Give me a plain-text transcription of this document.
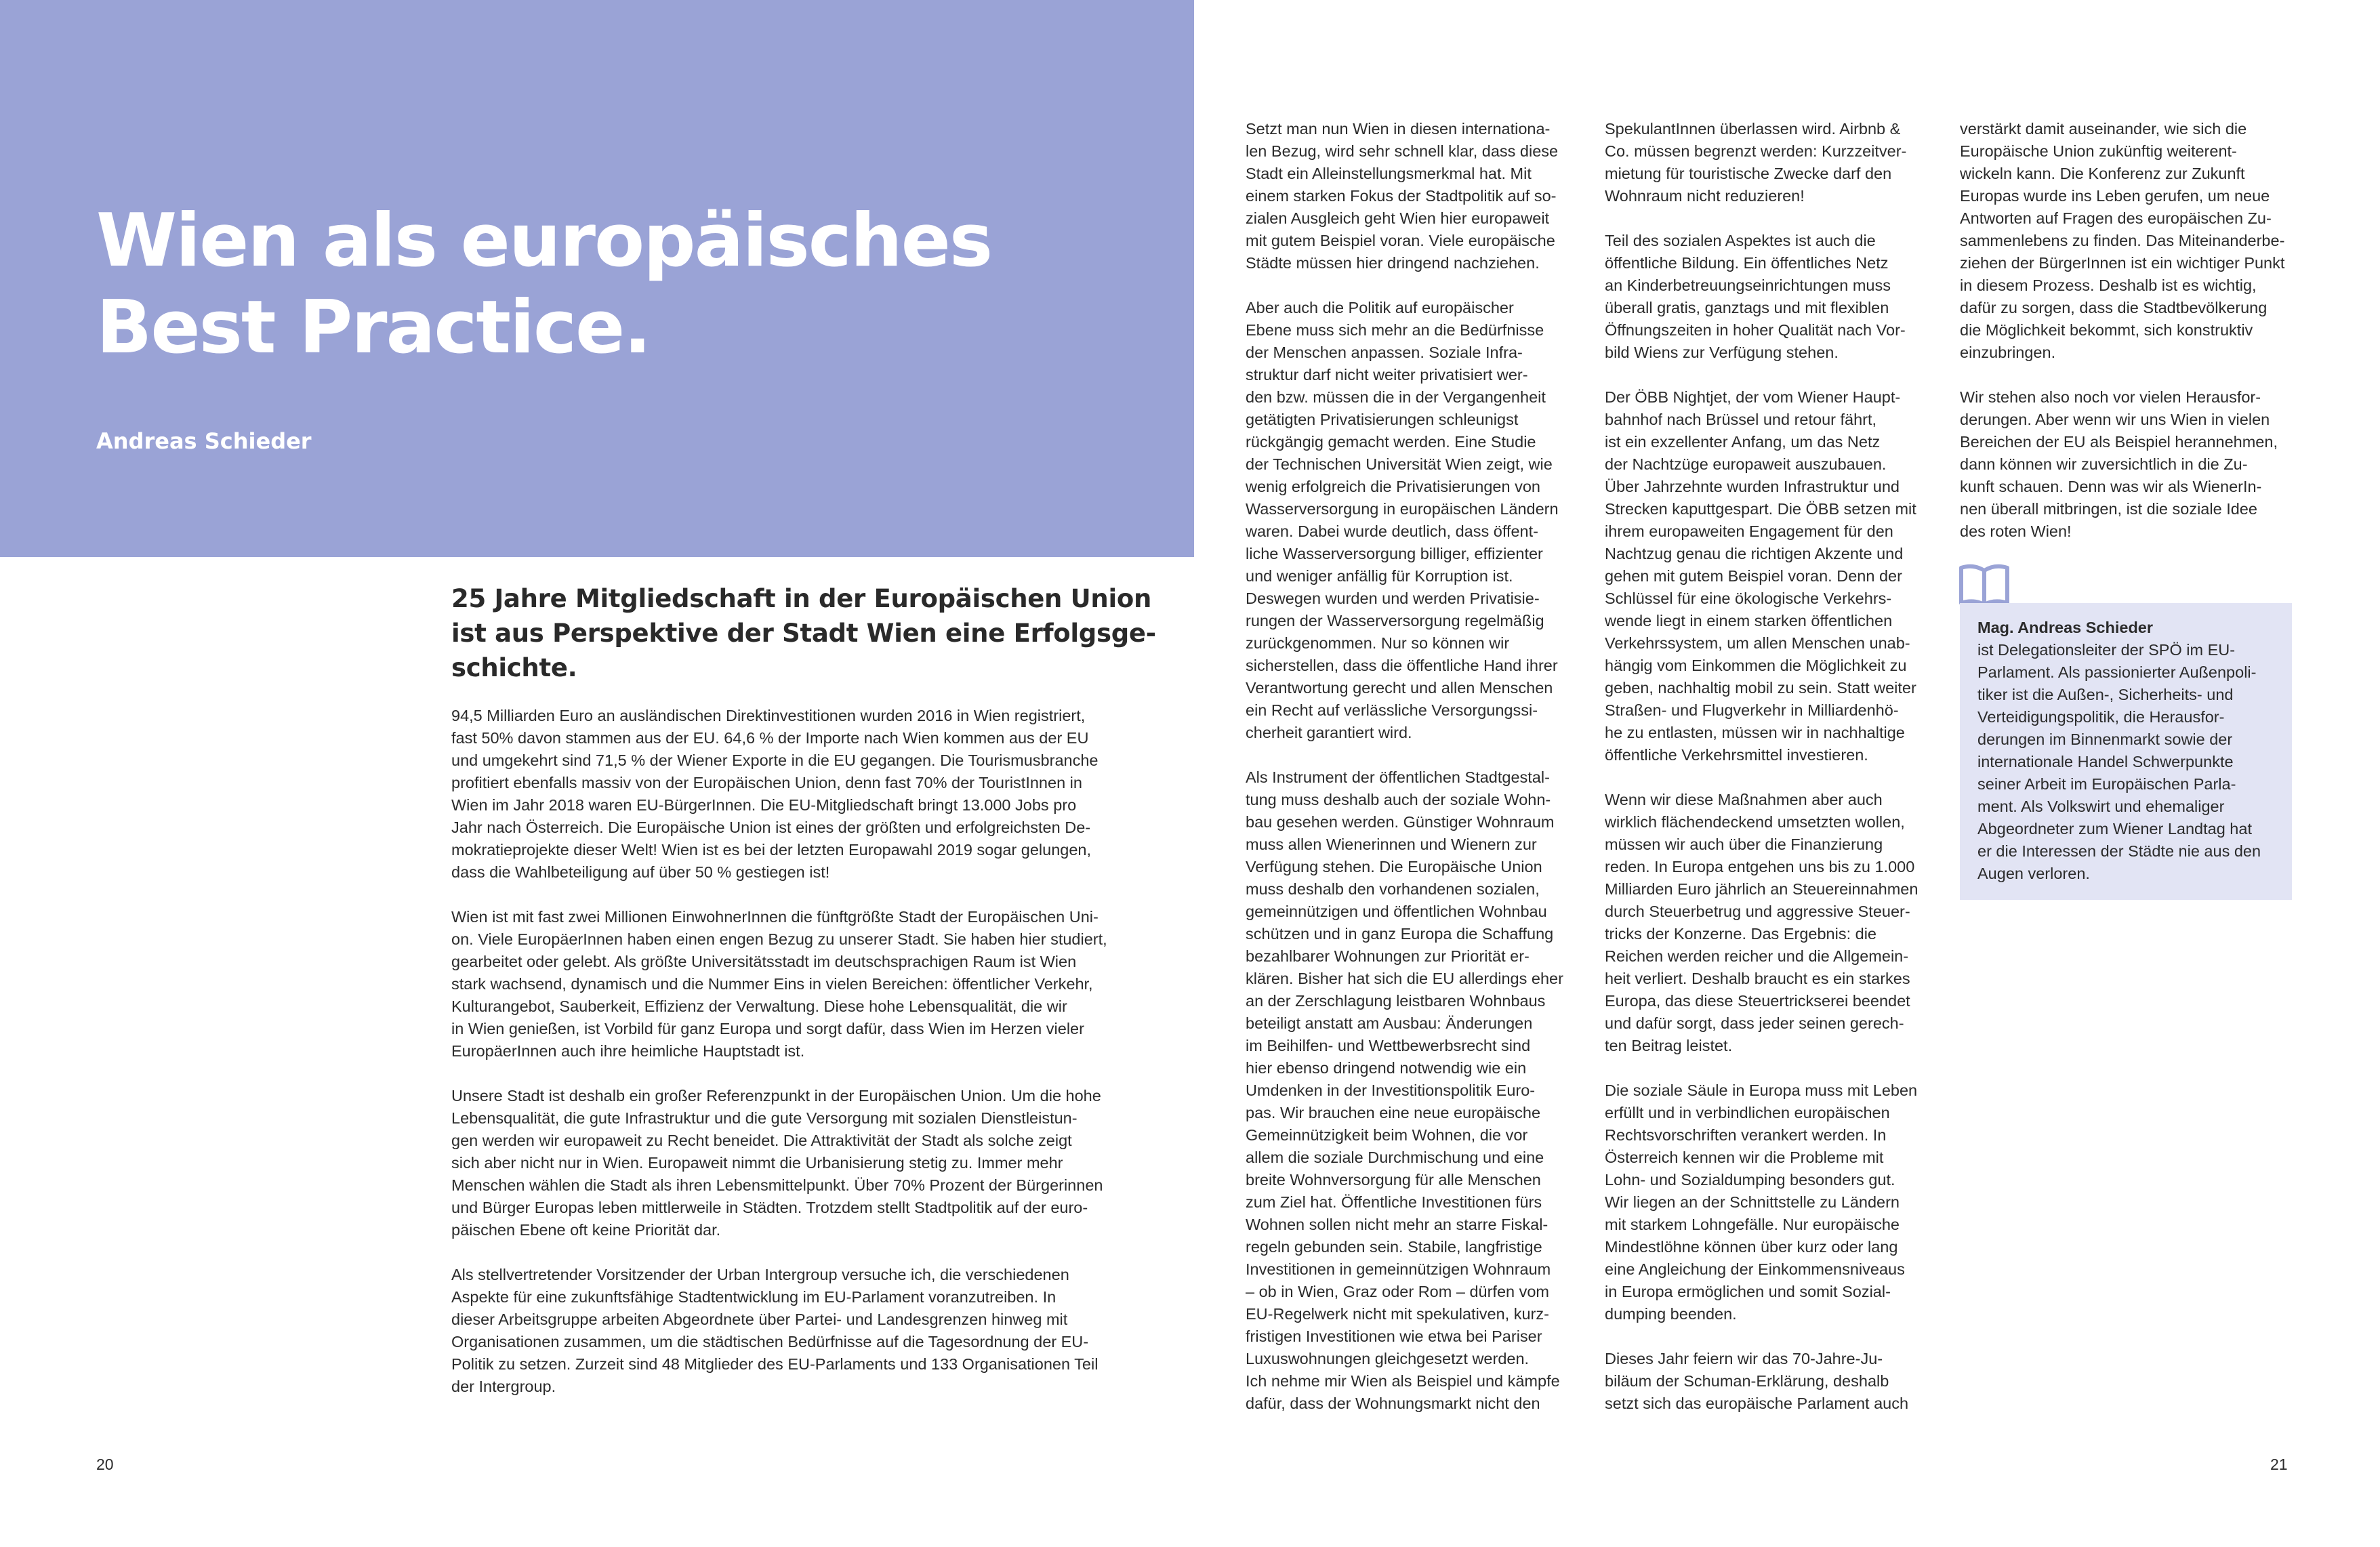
Wien als europäisches
Best Practice.
Andreas Schieder
25 Jahre Mitgliedschaft in der Europäischen Union
ist aus Perspektive der Stadt Wien eine Erfolgsge-
schichte.

94,5 Milliarden Euro an ausländischen Direktinvestitionen wurden 2016 in Wien registriert,
fast 50% davon stammen aus der EU. 64,6 % der Importe nach Wien kommen aus der EU
und umgekehrt sind 71,5 % der Wiener Exporte in die EU gegangen. Die Tourismusbranche
profitiert ebenfalls massiv von der Europäischen Union, denn fast 70% der TouristInnen in
Wien im Jahr 2018 waren EU-BürgerInnen. Die EU-Mitgliedschaft bringt 13.000 Jobs pro
Jahr nach Österreich. Die Europäische Union ist eines der größten und erfolgreichsten De-
mokratieprojekte dieser Welt! Wien ist es bei der letzten Europawahl 2019 sogar gelungen,
dass die Wahlbeteiligung auf über 50 % gestiegen ist!

Wien ist mit fast zwei Millionen EinwohnerInnen die fünftgrößte Stadt der Europäischen Uni-
on. Viele EuropäerInnen haben einen engen Bezug zu unserer Stadt. Sie haben hier studiert,
gearbeitet oder gelebt. Als größte Universitätsstadt im deutschsprachigen Raum ist Wien
stark wachsend, dynamisch und die Nummer Eins in vielen Bereichen: öffentlicher Verkehr,
Kulturangebot, Sauberkeit, Effizienz der Verwaltung. Diese hohe Lebensqualität, die wir
in Wien genießen, ist Vorbild für ganz Europa und sorgt dafür, dass Wien im Herzen vieler
EuropäerInnen auch ihre heimliche Hauptstadt ist.

Unsere Stadt ist deshalb ein großer Referenzpunkt in der Europäischen Union. Um die hohe
Lebensqualität, die gute Infrastruktur und die gute Versorgung mit sozialen Dienstleistun-
gen werden wir europaweit zu Recht beneidet. Die Attraktivität der Stadt als solche zeigt
sich aber nicht nur in Wien. Europaweit nimmt die Urbanisierung stetig zu. Immer mehr
Menschen wählen die Stadt als ihren Lebensmittelpunkt. Über 70% Prozent der Bürgerinnen
und Bürger Europas leben mittlerweile in Städten. Trotzdem stellt Stadtpolitik auf der euro-
päischen Ebene oft keine Priorität dar.

Als stellvertretender Vorsitzender der Urban Intergroup versuche ich, die verschiedenen
Aspekte für eine zukunftsfähige Stadtentwicklung im EU-Parlament voranzutreiben. In
dieser Arbeitsgruppe arbeiten Abgeordnete über Partei- und Landesgrenzen hinweg mit
Organisationen zusammen, um die städtischen Bedürfnisse auf die Tagesordnung der EU-
Politik zu setzen. Zurzeit sind 48 Mitglieder des EU-Parlaments und 133 Organisationen Teil
der Intergroup.

Setzt man nun Wien in diesen internationa-
len Bezug, wird sehr schnell klar, dass diese
Stadt ein Alleinstellungsmerkmal hat. Mit
einem starken Fokus der Stadtpolitik auf so-
zialen Ausgleich geht Wien hier europaweit
mit gutem Beispiel voran. Viele europäische
Städte müssen hier dringend nachziehen.

Aber auch die Politik auf europäischer
Ebene muss sich mehr an die Bedürfnisse
der Menschen anpassen. Soziale Infra-
struktur darf nicht weiter privatisiert wer-
den bzw. müssen die in der Vergangenheit
getätigten Privatisierungen schleunigst
rückgängig gemacht werden. Eine Studie
der Technischen Universität Wien zeigt, wie
wenig erfolgreich die Privatisierungen von
Wasserversorgung in europäischen Ländern
waren. Dabei wurde deutlich, dass öffent-
liche Wasserversorgung billiger, effizienter
und weniger anfällig für Korruption ist.
Deswegen wurden und werden Privatisie-
rungen der Wasserversorgung regelmäßig
zurückgenommen. Nur so können wir
sicherstellen, dass die öffentliche Hand ihrer
Verantwortung gerecht und allen Menschen
ein Recht auf verlässliche Versorgungssi-
cherheit garantiert wird.

Als Instrument der öffentlichen Stadtgestal-
tung muss deshalb auch der soziale Wohn-
bau gesehen werden. Günstiger Wohnraum
muss allen Wienerinnen und Wienern zur
Verfügung stehen. Die Europäische Union
muss deshalb den vorhandenen sozialen,
gemeinnützigen und öffentlichen Wohnbau
schützen und in ganz Europa die Schaffung
bezahlbarer Wohnungen zur Priorität er-
klären. Bisher hat sich die EU allerdings eher
an der Zerschlagung leistbaren Wohnbaus
beteiligt anstatt am Ausbau: Änderungen
im Beihilfen- und Wettbewerbsrecht sind
hier ebenso dringend notwendig wie ein
Umdenken in der Investitionspolitik Euro-
pas. Wir brauchen eine neue europäische
Gemeinnützigkeit beim Wohnen, die vor
allem die soziale Durchmischung und eine
breite Wohnversorgung für alle Menschen
zum Ziel hat. Öffentliche Investitionen fürs
Wohnen sollen nicht mehr an starre Fiskal-
regeln gebunden sein. Stabile, langfristige
Investitionen in gemeinnützigen Wohnraum
– ob in Wien, Graz oder Rom – dürfen vom
EU-Regelwerk nicht mit spekulativen, kurz-
fristigen Investitionen wie etwa bei Pariser
Luxuswohnungen gleichgesetzt werden.
Ich nehme mir Wien als Beispiel und kämpfe
dafür, dass der Wohnungsmarkt nicht den

SpekulantInnen überlassen wird. Airbnb &
Co. müssen begrenzt werden: Kurzzeitver-
mietung für touristische Zwecke darf den
Wohnraum nicht reduzieren!

Teil des sozialen Aspektes ist auch die
öffentliche Bildung. Ein öffentliches Netz
an Kinderbetreuungseinrichtungen muss
überall gratis, ganztags und mit flexiblen
Öffnungszeiten in hoher Qualität nach Vor-
bild Wiens zur Verfügung stehen.

Der ÖBB Nightjet, der vom Wiener Haupt-
bahnhof nach Brüssel und retour fährt,
ist ein exzellenter Anfang, um das Netz
der Nachtzüge europaweit auszubauen.
Über Jahrzehnte wurden Infrastruktur und
Strecken kaputtgespart. Die ÖBB setzen mit
ihrem europaweiten Engagement für den
Nachtzug genau die richtigen Akzente und
gehen mit gutem Beispiel voran. Denn der
Schlüssel für eine ökologische Verkehrs-
wende liegt in einem starken öffentlichen
Verkehrssystem, um allen Menschen unab-
hängig vom Einkommen die Möglichkeit zu
geben, nachhaltig mobil zu sein. Statt weiter
Straßen- und Flugverkehr in Milliardenhö-
he zu entlasten, müssen wir in nachhaltige
öffentliche Verkehrsmittel investieren.

Wenn wir diese Maßnahmen aber auch
wirklich flächendeckend umsetzten wollen,
müssen wir auch über die Finanzierung
reden. In Europa entgehen uns bis zu 1.000
Milliarden Euro jährlich an Steuereinnahmen
durch Steuerbetrug und aggressive Steuer-
tricks der Konzerne. Das Ergebnis: die
Reichen werden reicher und die Allgemein-
heit verliert. Deshalb braucht es ein starkes
Europa, das diese Steuertrickserei beendet
und dafür sorgt, dass jeder seinen gerech-
ten Beitrag leistet.

Die soziale Säule in Europa muss mit Leben
erfüllt und in verbindlichen europäischen
Rechtsvorschriften verankert werden. In
Österreich kennen wir die Probleme mit
Lohn- und Sozialdumping besonders gut.
Wir liegen an der Schnittstelle zu Ländern
mit starkem Lohngefälle. Nur europäische
Mindestlöhne können über kurz oder lang
eine Angleichung der Einkommensniveaus
in Europa ermöglichen und somit Sozial-
dumping beenden.

Dieses Jahr feiern wir das 70-Jahre-Ju-
biläum der Schuman-Erklärung, deshalb
setzt sich das europäische Parlament auch

verstärkt damit auseinander, wie sich die
Europäische Union zukünftig weiterent-
wickeln kann. Die Konferenz zur Zukunft
Europas wurde ins Leben gerufen, um neue
Antworten auf Fragen des europäischen Zu-
sammenlebens zu finden. Das Miteinanderbe-
ziehen der BürgerInnen ist ein wichtiger Punkt
in diesem Prozess. Deshalb ist es wichtig,
dafür zu sorgen, dass die Stadtbevölkerung
die Möglichkeit bekommt, sich konstruktiv
einzubringen.

Wir stehen also noch vor vielen Herausfor-
derungen. Aber wenn wir uns Wien in vielen
Bereichen der EU als Beispiel herannehmen,
dann können wir zuversichtlich in die Zu-
kunft schauen. Denn was wir als WienerIn-
nen überall mitbringen, ist die soziale Idee
des roten Wien!

Mag. Andreas Schieder
ist Delegationsleiter der SPÖ im EU-
Parlament. Als passionierter Außenpoli-
tiker ist die Außen-, Sicherheits- und
Verteidigungspolitik, die Herausfor-
derungen im Binnenmarkt sowie der
internationale Handel Schwerpunkte
seiner Arbeit im Europäischen Parla-
ment. Als Volkswirt und ehemaliger
Abgeordneter zum Wiener Landtag hat
er die Interessen der Städte nie aus den
Augen verloren.
20	21
